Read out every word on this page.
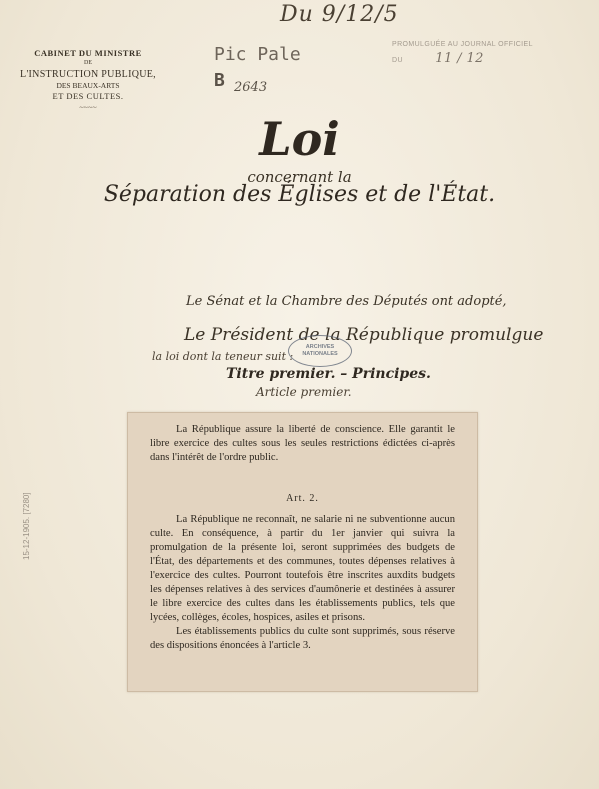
Du 9/12/5
CABINET DU MINISTRE
DE
L'INSTRUCTION PUBLIQUE,
DES BEAUX-ARTS
ET DES CULTES.
~~~~
Pic Pale
B 2643
PROMULGUÉE AU JOURNAL OFFICIEL
DU 11 / 12
Loi
concernant la
Séparation des Églises et de l'État.
Le Sénat et la Chambre des Députés ont adopté,
Le Président de la République promulgue
la loi dont la teneur suit :
ARCHIVES
NATIONALES
Titre premier. – Principes.
Article premier.
15-12-1905. [7280]

La République assure la liberté de conscience. Elle garantit le libre exercice des cultes sous les seules restrictions édictées ci-après dans l'intérêt de l'ordre public.

Art. 2.

La République ne reconnaît, ne salarie ni ne subventionne aucun culte. En conséquence, à partir du 1er janvier qui suivra la promulgation de la présente loi, seront supprimées des budgets de l'État, des départements et des communes, toutes dépenses relatives à l'exercice des cultes. Pourront toutefois être inscrites auxdits budgets les dépenses relatives à des services d'aumônerie et destinées à assurer le libre exercice des cultes dans les établissements publics, tels que lycées, collèges, écoles, hospices, asiles et prisons.

Les établissements publics du culte sont supprimés, sous réserve des dispositions énoncées à l'article 3.
